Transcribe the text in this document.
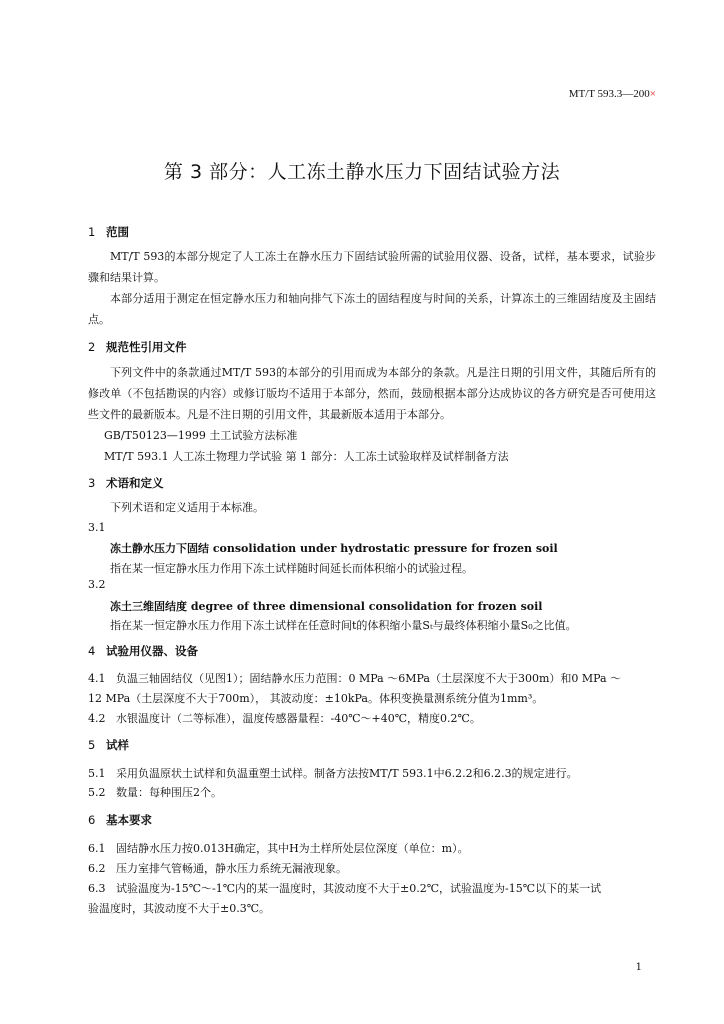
MT/T 593.3—200×
第 3 部分：人工冻土静水压力下固结试验方法
1 范围
MT/T 593的本部分规定了人工冻土在静水压力下固结试验所需的试验用仪器、设备，试样，基本要求，试验步骤和结果计算。
本部分适用于测定在恒定静水压力和轴向排气下冻土的固结程度与时间的关系，计算冻土的三维固结度及主固结点。
2 规范性引用文件
下列文件中的条款通过MT/T 593的本部分的引用而成为本部分的条款。凡是注日期的引用文件，其随后所有的修改单（不包括勘误的内容）或修订版均不适用于本部分，然而，鼓励根据本部分达成协议的各方研究是否可使用这些文件的最新版本。凡是不注日期的引用文件，其最新版本适用于本部分。
GB/T50123—1999 土工试验方法标准
MT/T 593.1 人工冻土物理力学试验 第 1 部分：人工冻土试验取样及试样制备方法
3 术语和定义
下列术语和定义适用于本标准。
3.1
冻土静水压力下固结 consolidation under hydrostatic pressure for frozen soil
指在某一恒定静水压力作用下冻土试样随时间延长而体积缩小的试验过程。
3.2
冻土三维固结度 degree of three dimensional consolidation for frozen soil
指在某一恒定静水压力作用下冻土试样在任意时间t的体积缩小量Sₜ与最终体积缩小量S₀之比值。
4 试验用仪器、设备
4.1 负温三轴固结仪（见图1）；固结静水压力范围：0 MPa ～6MPa（土层深度不大于300m）和0 MPa ～
12 MPa（土层深度不大于700m）， 其波动度：±10kPa。体积变换量测系统分值为1mm³。
4.2 水银温度计（二等标准），温度传感器量程：-40℃～+40℃，精度0.2℃。
5 试样
5.1 采用负温原状土试样和负温重塑土试样。制备方法按MT/T 593.1中6.2.2和6.2.3的规定进行。
5.2 数量：每种围压2个。
6 基本要求
6.1 固结静水压力按0.013H确定，其中H为土样所处层位深度（单位：m）。
6.2 压力室排气管畅通，静水压力系统无漏液现象。
6.3 试验温度为-15℃～-1℃内的某一温度时，其波动度不大于±0.2℃，试验温度为-15℃以下的某一试
验温度时，其波动度不大于±0.3℃。
1
